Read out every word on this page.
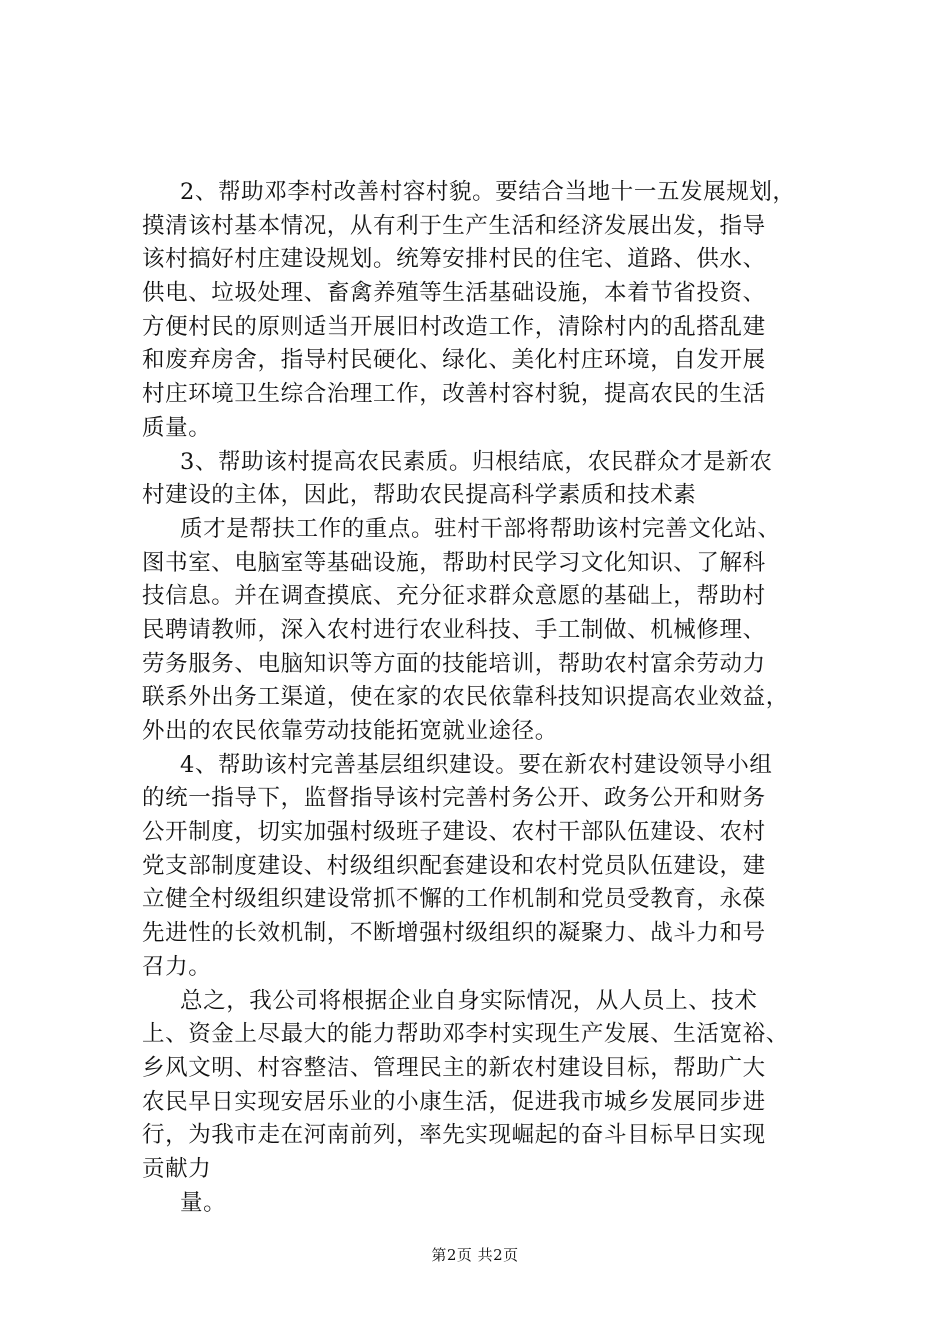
2、帮助邓李村改善村容村貌。要结合当地十一五发展规划，
摸清该村基本情况，从有利于生产生活和经济发展出发，指导
该村搞好村庄建设规划。统筹安排村民的住宅、道路、供水、
供电、垃圾处理、畜禽养殖等生活基础设施，本着节省投资、
方便村民的原则适当开展旧村改造工作，清除村内的乱搭乱建
和废弃房舍，指导村民硬化、绿化、美化村庄环境，自发开展
村庄环境卫生综合治理工作，改善村容村貌，提高农民的生活
质量。
3、帮助该村提高农民素质。归根结底，农民群众才是新农
村建设的主体，因此，帮助农民提高科学素质和技术素
质才是帮扶工作的重点。驻村干部将帮助该村完善文化站、
图书室、电脑室等基础设施，帮助村民学习文化知识、了解科
技信息。并在调查摸底、充分征求群众意愿的基础上，帮助村
民聘请教师，深入农村进行农业科技、手工制做、机械修理、
劳务服务、电脑知识等方面的技能培训，帮助农村富余劳动力
联系外出务工渠道，使在家的农民依靠科技知识提高农业效益，
外出的农民依靠劳动技能拓宽就业途径。
4、帮助该村完善基层组织建设。要在新农村建设领导小组
的统一指导下，监督指导该村完善村务公开、政务公开和财务
公开制度，切实加强村级班子建设、农村干部队伍建设、农村
党支部制度建设、村级组织配套建设和农村党员队伍建设，建
立健全村级组织建设常抓不懈的工作机制和党员受教育，永葆
先进性的长效机制，不断增强村级组织的凝聚力、战斗力和号
召力。
总之，我公司将根据企业自身实际情况，从人员上、技术
上、资金上尽最大的能力帮助邓李村实现生产发展、生活宽裕、
乡风文明、村容整洁、管理民主的新农村建设目标，帮助广大
农民早日实现安居乐业的小康生活，促进我市城乡发展同步进
行，为我市走在河南前列，率先实现崛起的奋斗目标早日实现
贡献力
量。
第2页 共2页
